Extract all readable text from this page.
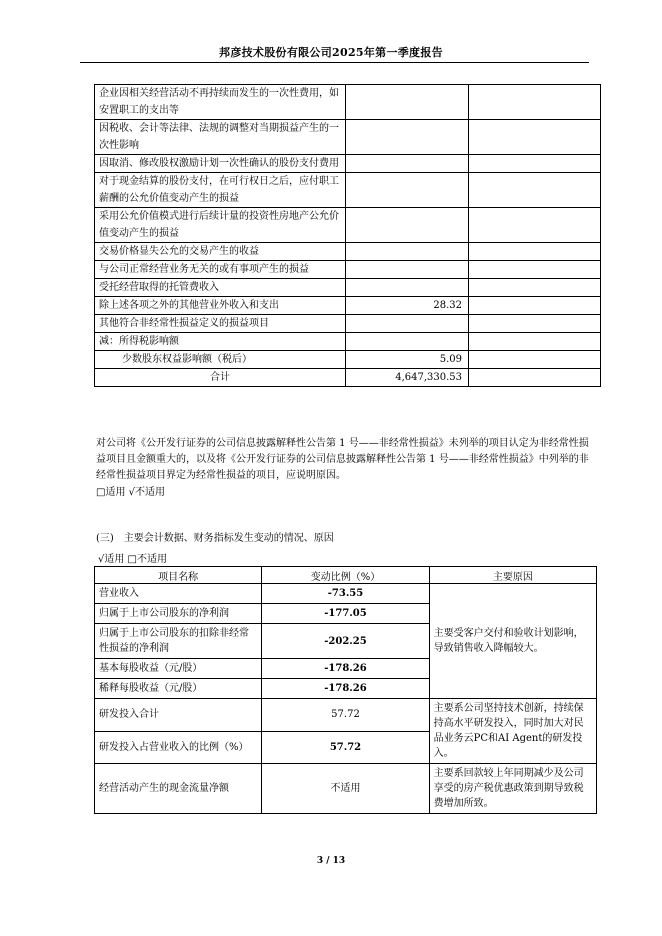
邦彦技术股份有限公司2025年第一季度报告
企业因相关经营活动不再持续而发生的一次性费用，如安置职工的支出等		
因税收、会计等法律、法规的调整对当期损益产生的一次性影响		
因取消、修改股权激励计划一次性确认的股份支付费用		
对于现金结算的股份支付，在可行权日之后，应付职工薪酬的公允价值变动产生的损益		
采用公允价值模式进行后续计量的投资性房地产公允价值变动产生的损益		
交易价格显失公允的交易产生的收益		
与公司正常经营业务无关的或有事项产生的损益		
受托经营取得的托管费收入		
除上述各项之外的其他营业外收入和支出	28.32	
其他符合非经常性损益定义的损益项目		
减：所得税影响额		
少数股东权益影响额（税后）	5.09	
合计	4,647,330.53	
对公司将《公开发行证券的公司信息披露解释性公告第 1 号——非经常性损益》未列举的项目认定为非经常性损益项目且金额重大的，以及将《公开发行证券的公司信息披露解释性公告第 1 号——非经常性损益》中列举的非经常性损益项目界定为经常性损益的项目，应说明原因。
□适用 √不适用
(三)　主要会计数据、财务指标发生变动的情况、原因
√适用 □不适用
项目名称	变动比例（%）	主要原因
营业收入	-73.55	主要受客户交付和验收计划影响，导致销售收入降幅较大。
归属于上市公司股东的净利润	-177.05	
归属于上市公司股东的扣除非经常性损益的净利润	-202.25	
基本每股收益（元/股）	-178.26	
稀释每股收益（元/股）	-178.26	
研发投入合计	57.72	主要系公司坚持技术创新，持续保持高水平研发投入，同时加大对民品业务云PC和AI Agent的研发投入。
研发投入占营业收入的比例（%）	57.72	
经营活动产生的现金流量净额	不适用	主要系回款较上年同期减少及公司享受的房产税优惠政策到期导致税费增加所致。
3 / 13
